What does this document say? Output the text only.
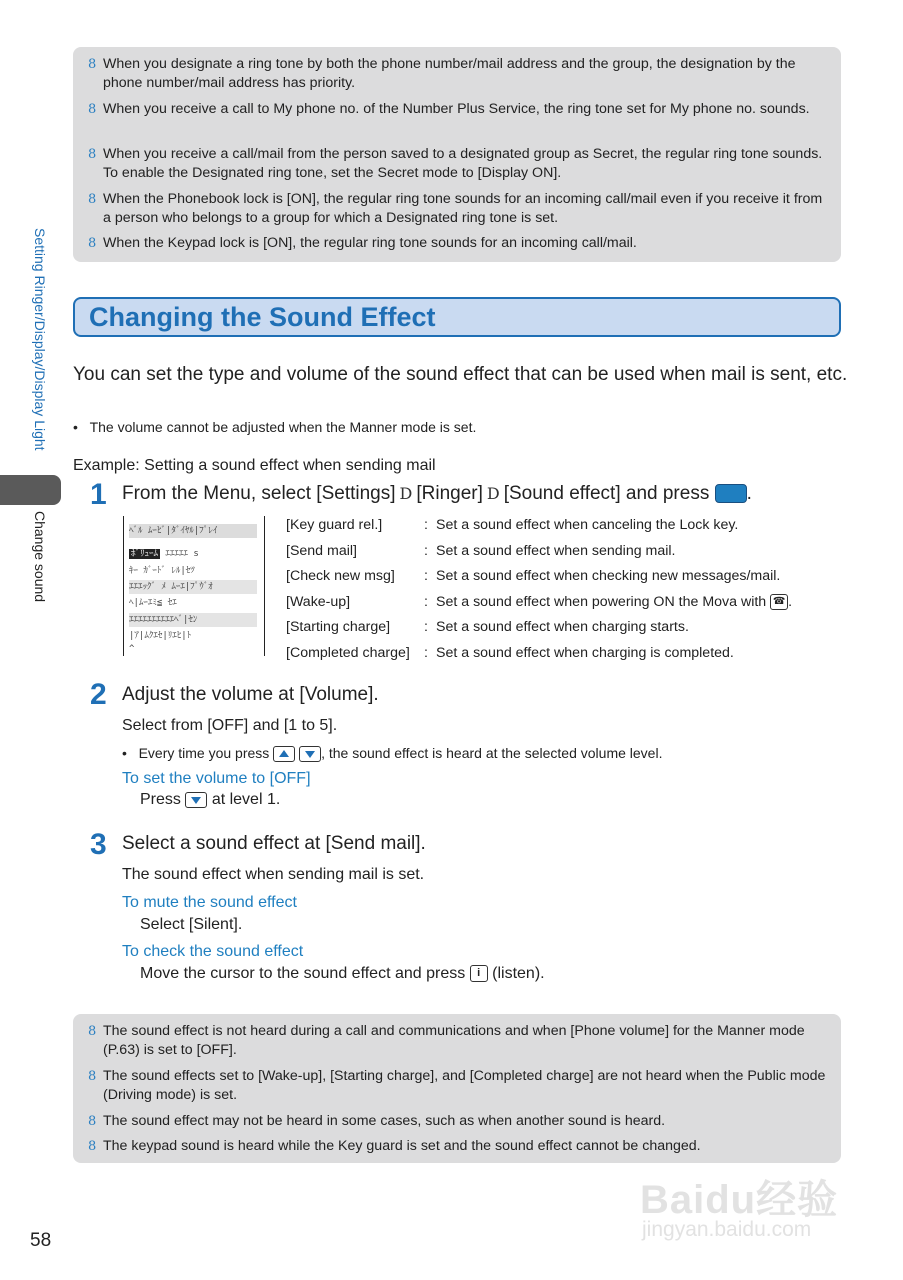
Setting Ringer/Display/Display Light
Change sound
8 When you designate a ring tone by both the phone number/mail address and the group, the designation by the phone number/mail address has priority.
8 When you receive a call to My phone no. of the Number Plus Service, the ring tone set for My phone no. sounds.
8 When you receive a call/mail from the person saved to a designated group as Secret, the regular ring tone sounds. To enable the Designated ring tone, set the Secret mode to [Display ON].
8 When the Phonebook lock is [ON], the regular ring tone sounds for an incoming call/mail even if you receive it from a person who belongs to a group for which a Designated ring tone is set.
8 When the Keypad lock is [ON], the regular ring tone sounds for an incoming call/mail.
Changing the Sound Effect
You can set the type and volume of the sound effect that can be used when mail is sent, etc.
•   The volume cannot be adjusted when the Manner mode is set.
Example: Setting a sound effect when sending mail
1 From the Menu, select [Settings] D [Ringer] D [Sound effect] and press .
ﾍﾞﾙ ﾑｰﾋﾞ|ﾀﾞｲﾔﾙ|ﾌﾟﾚｲ
ﾎﾞﾘｭｰﾑ ｴｴｴｴｴ s
ｷｰ ｶﾞｰﾄﾞ ﾚﾙ|ｾﾂ
ｴｴｴｯｸﾞ ﾒ ﾑｰｴ|ﾌﾟｳﾞｵ
ﾍ|ﾑｰｴﾐ≦ ｾｴ
ｴｴｴｴｴｴｴｴｴｴﾍﾞ|ｾﾝ
|ｱ|ﾑｸｴｾ|ﾘｴﾋ|ﾄ
^
[Key guard rel.]	: Set a sound effect when canceling the Lock key.
[Send mail]	: Set a sound effect when sending mail.
[Check new msg] : Set a sound effect when checking new messages/mail.
[Wake-up]	: Set a sound effect when powering ON the Mova with ☎ .
[Starting charge] : Set a sound effect when charging starts.
[Completed charge] : Set a sound effect when charging is completed.
2 Adjust the volume at [Volume].
Select from [OFF] and [1 to 5].
•   Every time you press	, the sound effect is heard at the selected volume level.
To set the volume to [OFF]
Press at level 1.
3 Select a sound effect at [Send mail].
The sound effect when sending mail is set.
To mute the sound effect
Select [Silent].
To check the sound effect
Move the cursor to the sound effect and press i (listen).
8 The sound effect is not heard during a call and communications and when [Phone volume] for the Manner mode (P.63) is set to [OFF].
8 The sound effects set to [Wake-up], [Starting charge], and [Completed charge] are not heard when the Public mode (Driving mode) is set.
8 The sound effect may not be heard in some cases, such as when another sound is heard.
8 The keypad sound is heard while the Key guard is set and the sound effect cannot be changed.
Baidu经验
jingyan.baidu.com
58
